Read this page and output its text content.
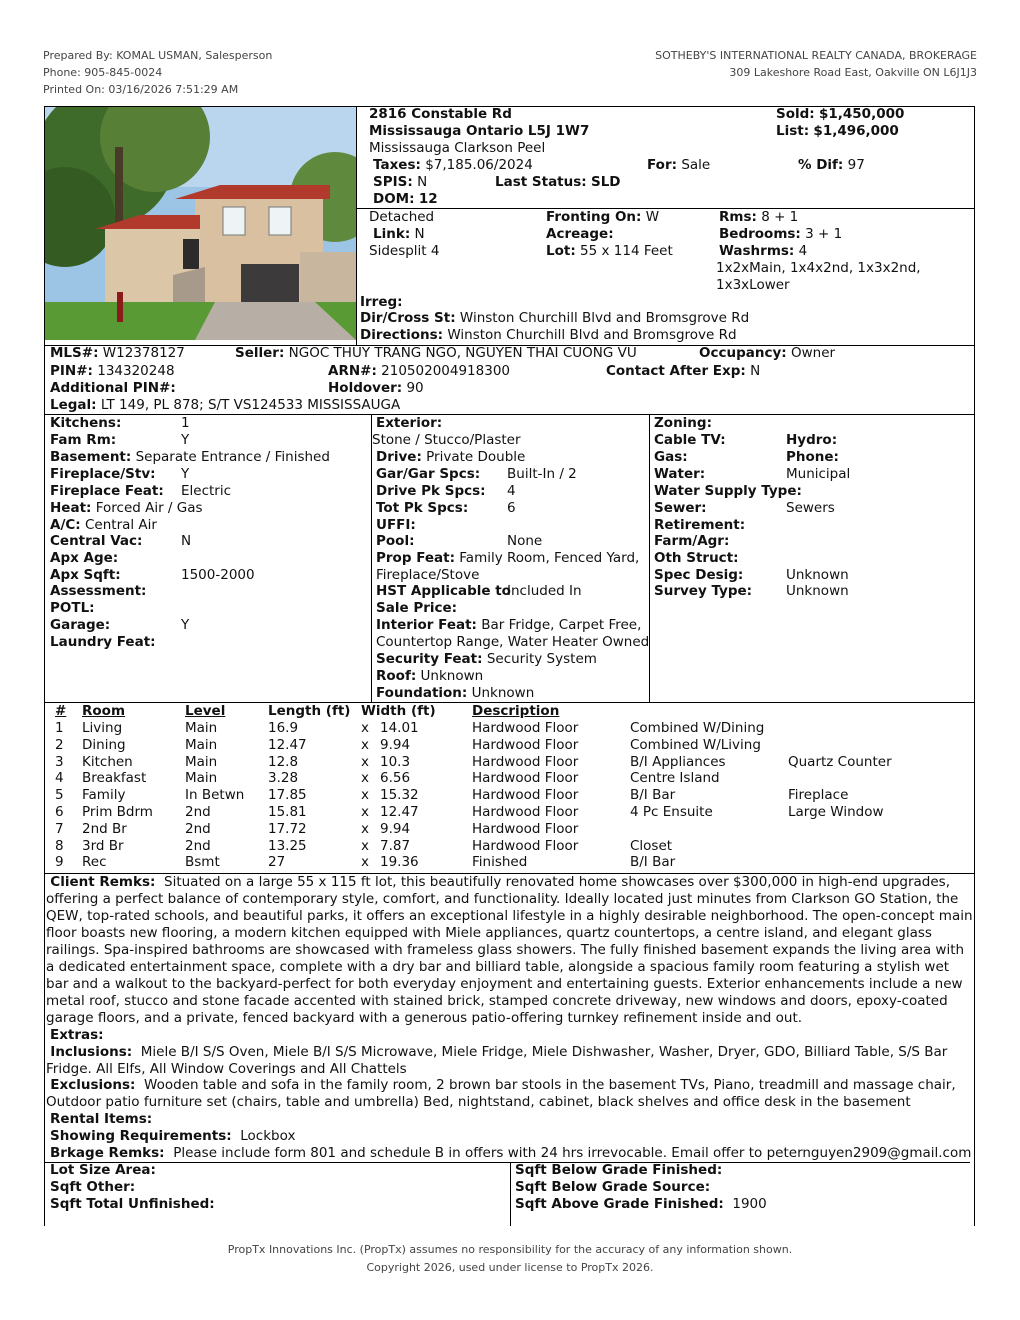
Prepared By: KOMAL USMAN, Salesperson
Phone: 905-845-0024
Printed On: 03/16/2026 7:51:29 AM
SOTHEBY'S INTERNATIONAL REALTY CANADA, BROKERAGE
309 Lakeshore Road East, Oakville ON L6J1J3
2816 Constable Rd
Mississauga Ontario L5J 1W7
Mississauga Clarkson Peel
Taxes: $7,185.06/2024
SPIS: N	Last Status: SLD
DOM: 12
Sold: $1,450,000
List: $1,496,000
For: Sale	% Dif: 97
Detached
Link: N
Sidesplit 4
Fronting On: W
Acreage:
Lot: 55 x 114 Feet
Rms: 8 + 1
Bedrooms: 3 + 1
Washrms: 4
1x2xMain, 1x4x2nd, 1x3x2nd,
1x3xLower
Irreg:
Dir/Cross St: Winston Churchill Blvd and Bromsgrove Rd
Directions: Winston Churchill Blvd and Bromsgrove Rd
MLS#: W12378127	Seller: NGOC THUY TRANG NGO, NGUYEN THAI CUONG VU	Occupancy: Owner
PIN#: 134320248	ARN#: 210502004918300	Contact After Exp: N
Additional PIN#:	Holdover: 90
Legal: LT 149, PL 878; S/T VS124533 MISSISSAUGA
Kitchens:	1
Fam Rm:	Y
Basement: Separate Entrance / Finished
Fireplace/Stv: Y
Fireplace Feat: Electric
Heat: Forced Air / Gas
A/C: Central Air
Central Vac:	N
Apx Age:
Apx Sqft:	1500-2000
Assessment:
POTL:
Garage:	Y
Laundry Feat:
Exterior:
Stone / Stucco/Plaster
Drive: Private Double
Gar/Gar Spcs: Built-In / 2
Drive Pk Spcs: 4
Tot Pk Spcs:	6
UFFI:
Pool:	None
Prop Feat: Family Room, Fenced Yard,
Fireplace/Stove
HST Applicable to
Included In
Sale Price:
Interior Feat: Bar Fridge, Carpet Free,
Countertop Range, Water Heater Owned
Security Feat: Security System
Roof: Unknown
Foundation: Unknown
Zoning:
Cable TV:	Hydro:
Gas:	Phone:
Water:	Municipal
Water Supply Type:
Sewer:	Sewers
Retirement:
Farm/Agr:
Oth Struct:
Spec Desig:	Unknown
Survey Type:	Unknown
# Room	Level	Length (ft) Width (ft)	Description
1 Living	Main	16.9	x 14.01	Hardwood Floor	Combined W/Dining
2 Dining	Main	12.47	x 9.94	Hardwood Floor	Combined W/Living
3 Kitchen	Main	12.8	x 10.3	Hardwood Floor	B/I Appliances	Quartz Counter
4 Breakfast	Main	3.28	x 6.56	Hardwood Floor	Centre Island
5 Family	In Betwn 17.85	x 15.32	Hardwood Floor	B/I Bar	Fireplace
6 Prim Bdrm 2nd	15.81	x 12.47	Hardwood Floor	4 Pc Ensuite	Large Window
7 2nd Br	2nd	17.72	x 9.94	Hardwood Floor
8 3rd Br	2nd	13.25	x 7.87	Hardwood Floor	Closet
9 Rec	Bsmt	27	x 19.36	Finished	B/I Bar

Client Remks: Situated on a large 55 x 115 ft lot, this beautifully renovated home showcases over $300,000 in high-end upgrades, offering a perfect balance of contemporary style, comfort, and functionality. Ideally located just minutes from Clarkson GO Station, the QEW, top-rated schools, and beautiful parks, it offers an exceptional lifestyle in a highly desirable neighborhood. The open-concept main floor boasts new flooring, a modern kitchen equipped with Miele appliances, quartz countertops, a centre island, and elegant glass railings. Spa-inspired bathrooms are showcased with frameless glass showers. The fully finished basement expands the living area with a dedicated entertainment space, complete with a dry bar and billiard table, alongside a spacious family room featuring a stylish wet bar and a walkout to the backyard-perfect for both everyday enjoyment and entertaining guests. Exterior enhancements include a new metal roof, stucco and stone facade accented with stained brick, stamped concrete driveway, new windows and doors, epoxy-coated garage floors, and a private, fenced backyard with a generous patio-offering turnkey refinement inside and out.

Extras:

Inclusions: Miele B/I S/S Oven, Miele B/I S/S Microwave, Miele Fridge, Miele Dishwasher, Washer, Dryer, GDO, Billiard Table, S/S Bar Fridge. All Elfs, All Window Coverings and All Chattels

Exclusions: Wooden table and sofa in the family room, 2 brown bar stools in the basement TVs, Piano, treadmill and massage chair, Outdoor patio furniture set (chairs, table and umbrella) Bed, nightstand, cabinet, black shelves and office desk in the basement

Rental Items:
Showing Requirements: Lockbox
Brkage Remks: Please include form 801 and schedule B in offers with 24 hrs irrevocable. Email offer to peternguyen2909@gmail.com
Lot Size Area:
Sqft Other:
Sqft Total Unfinished:
Sqft Below Grade Finished:
Sqft Below Grade Source:
Sqft Above Grade Finished: 1900
PropTx Innovations Inc. (PropTx) assumes no responsibility for the accuracy of any information shown.
Copyright 2026, used under license to PropTx 2026.
